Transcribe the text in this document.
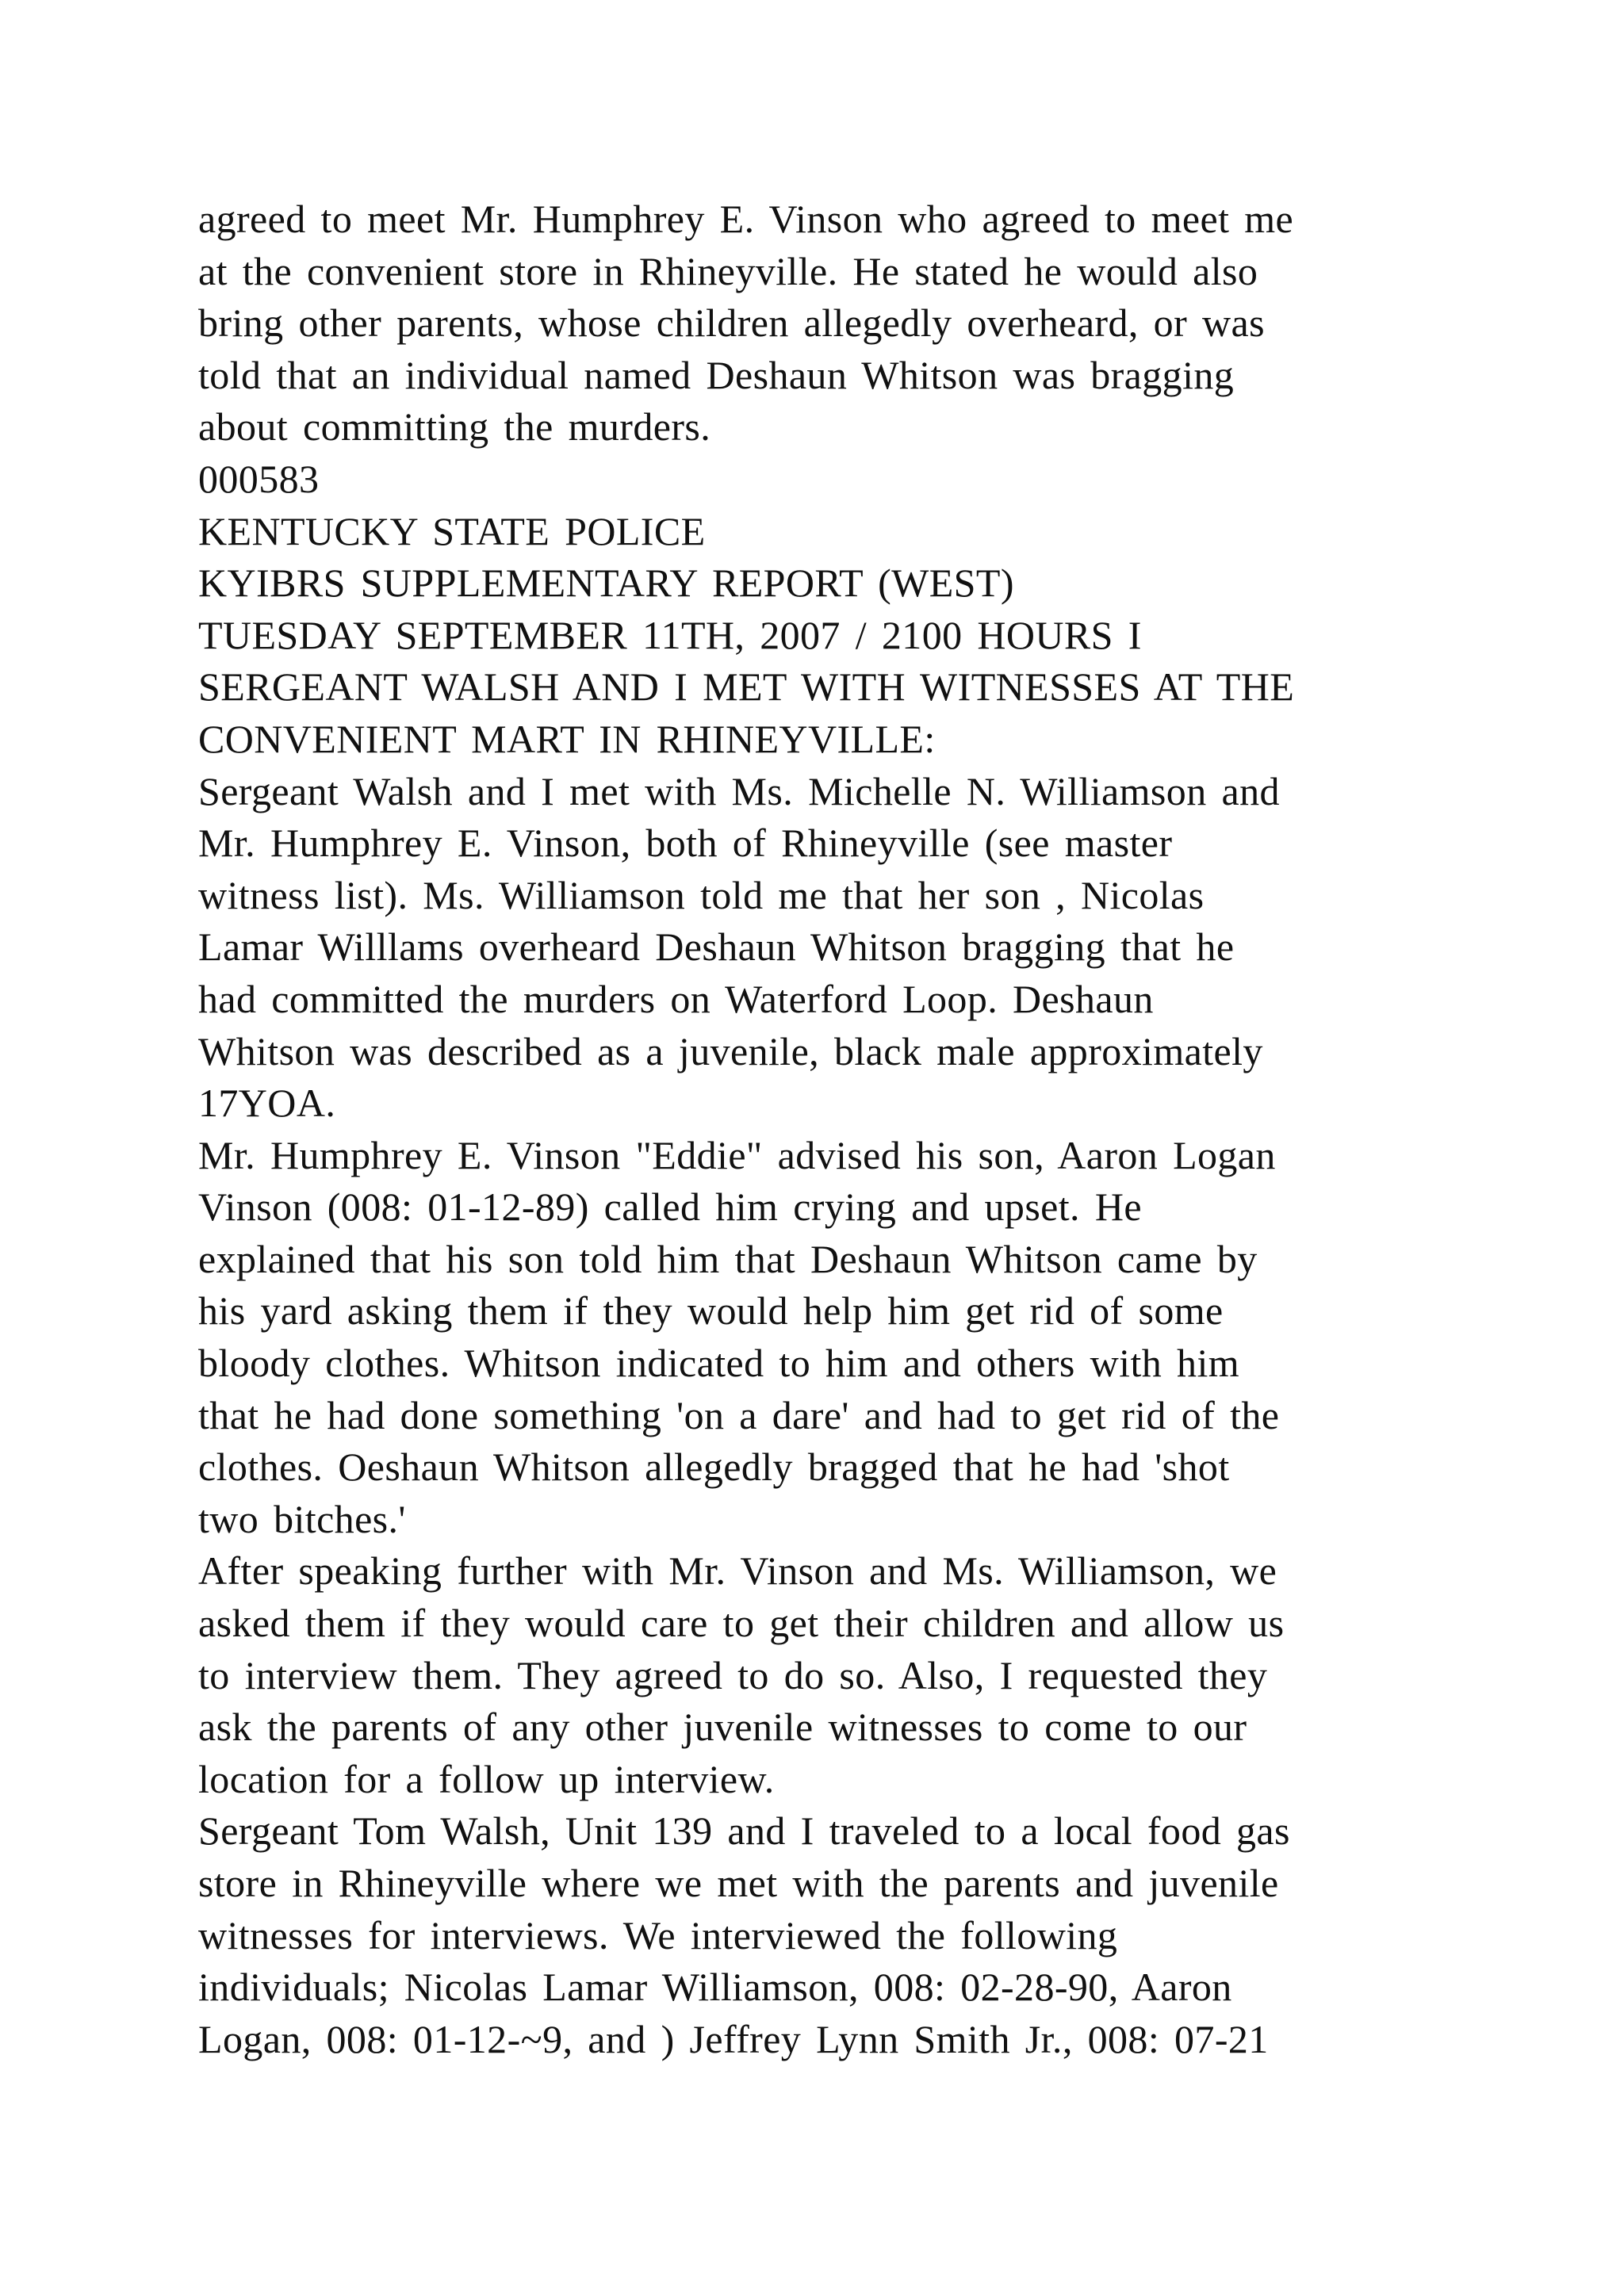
agreed to meet Mr. Humphrey E. Vinson who agreed to meet me
at the convenient store in Rhineyville. He stated he would also
bring other parents, whose children allegedly overheard, or was
told that an individual named Deshaun Whitson was bragging
about committing the murders.
000583
KENTUCKY STATE POLICE
KYIBRS SUPPLEMENTARY REPORT (WEST)
TUESDAY SEPTEMBER 11TH, 2007 / 2100 HOURS I
SERGEANT WALSH AND I MET WITH WITNESSES AT THE
CONVENIENT MART IN RHINEYVILLE:
Sergeant Walsh and I met with Ms. Michelle N. Williamson and
Mr. Humphrey E. Vinson, both of Rhineyville (see master
witness list). Ms. Williamson told me that her son , Nicolas
Lamar Willlams overheard Deshaun Whitson bragging that he
had committed the murders on Waterford Loop. Deshaun
Whitson was described as a juvenile, black male approximately
17YOA.
Mr. Humphrey E. Vinson "Eddie" advised his son, Aaron Logan
Vinson (008: 01-12-89) called him crying and upset. He
explained that his son told him that Deshaun Whitson came by
his yard asking them if they would help him get rid of some
bloody clothes. Whitson indicated to him and others with him
that he had done something 'on a dare' and had to get rid of the
clothes. Oeshaun Whitson allegedly bragged that he had 'shot
two bitches.'
After speaking further with Mr. Vinson and Ms. Williamson, we
asked them if they would care to get their children and allow us
to interview them. They agreed to do so. Also, I requested they
ask the parents of any other juvenile witnesses to come to our
location for a follow up interview.
Sergeant Tom Walsh, Unit 139 and I traveled to a local food gas
store in Rhineyville where we met with the parents and juvenile
witnesses for interviews. We interviewed the following
individuals; Nicolas Lamar Williamson, 008: 02-28-90, Aaron
Logan, 008: 01-12-~9, and ) Jeffrey Lynn Smith Jr., 008: 07-21
